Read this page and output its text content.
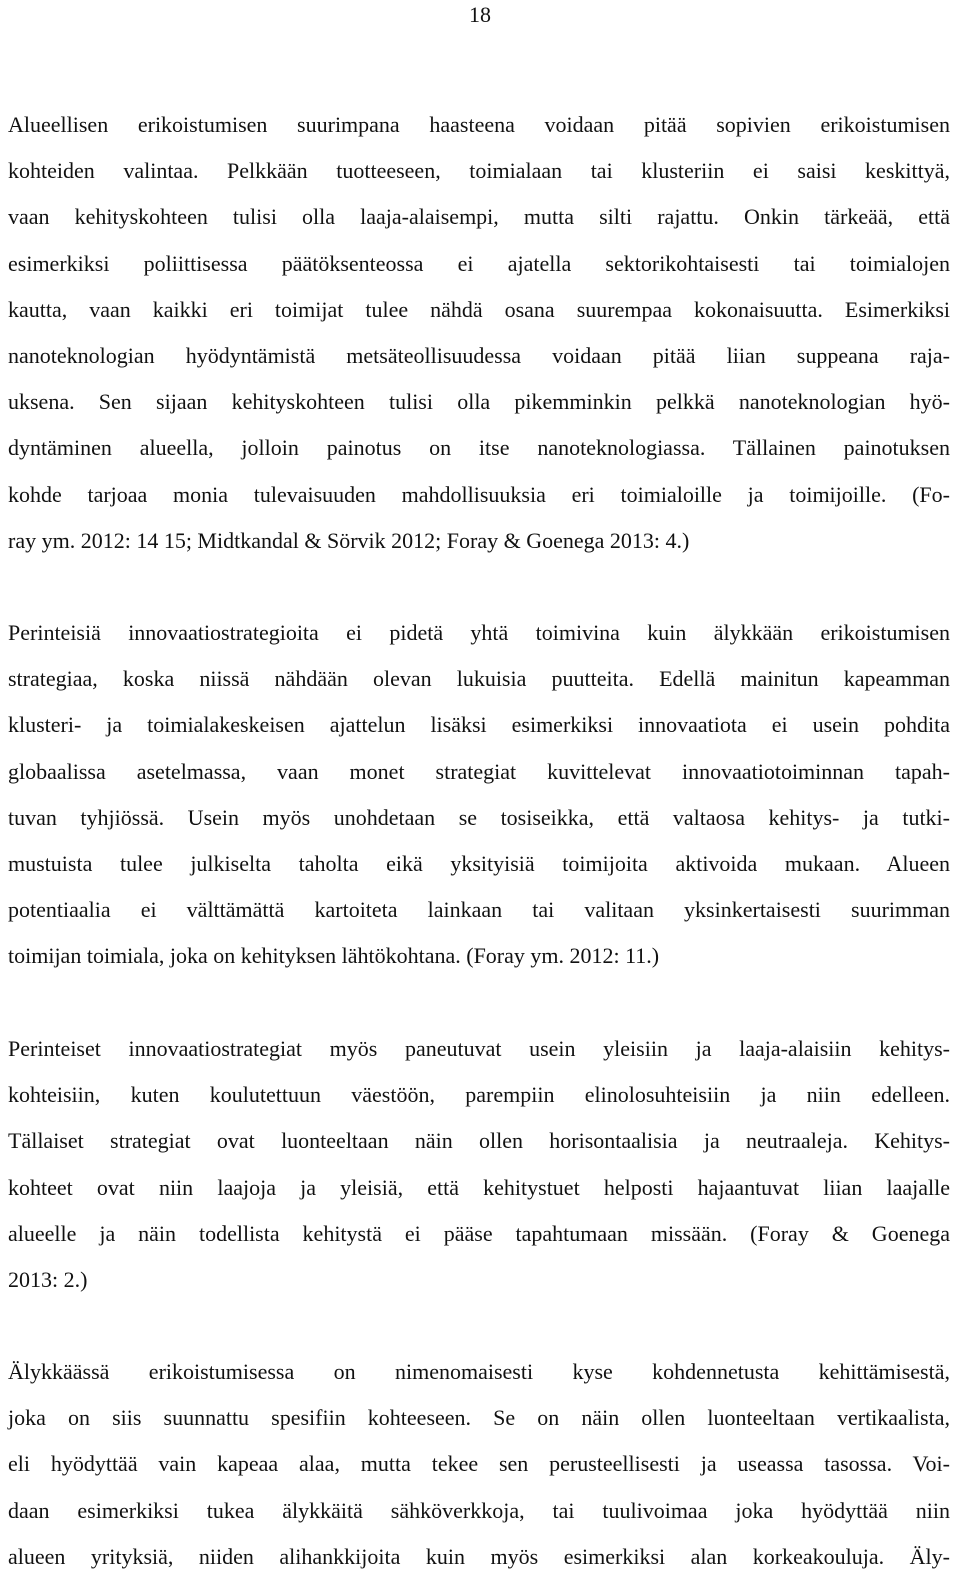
18
Alueellisen erikoistumisen suurimpana haasteena voidaan pitää sopivien erikoistumisen
kohteiden valintaa. Pelkkään tuotteeseen, toimialaan tai klusteriin ei saisi keskittyä,
vaan kehityskohteen tulisi olla laaja-alaisempi, mutta silti rajattu. Onkin tärkeää, että
esimerkiksi poliittisessa päätöksenteossa ei ajatella sektorikohtaisesti tai toimialojen
kautta, vaan kaikki eri toimijat tulee nähdä osana suurempaa kokonaisuutta. Esimerkiksi
nanoteknologian hyödyntämistä metsäteollisuudessa voidaan pitää liian suppeana raja-
uksena. Sen sijaan kehityskohteen tulisi olla pikemminkin pelkkä nanoteknologian hyö-
dyntäminen alueella, jolloin painotus on itse nanoteknologiassa. Tällainen painotuksen
kohde tarjoaa monia tulevaisuuden mahdollisuuksia eri toimialoille ja toimijoille. (Fo-
ray ym. 2012: 14 15; Midtkandal & Sörvik 2012; Foray & Goenega 2013: 4.)
Perinteisiä innovaatiostrategioita ei pidetä yhtä toimivina kuin älykkään erikoistumisen
strategiaa, koska niissä nähdään olevan lukuisia puutteita. Edellä mainitun kapeamman
klusteri- ja toimialakeskeisen ajattelun lisäksi esimerkiksi innovaatiota ei usein pohdita
globaalissa asetelmassa, vaan monet strategiat kuvittelevat innovaatiotoiminnan tapah-
tuvan tyhjiössä. Usein myös unohdetaan se tosiseikka, että valtaosa kehitys- ja tutki-
mustuista tulee julkiselta taholta eikä yksityisiä toimijoita aktivoida mukaan. Alueen
potentiaalia ei välttämättä kartoiteta lainkaan tai valitaan yksinkertaisesti suurimman
toimijan toimiala, joka on kehityksen lähtökohtana. (Foray ym. 2012: 11.)
Perinteiset innovaatiostrategiat myös paneutuvat usein yleisiin ja laaja-alaisiin kehitys-
kohteisiin, kuten koulutettuun väestöön, parempiin elinolosuhteisiin ja niin edelleen.
Tällaiset strategiat ovat luonteeltaan näin ollen horisontaalisia ja neutraaleja. Kehitys-
kohteet ovat niin laajoja ja yleisiä, että kehitystuet helposti hajaantuvat liian laajalle
alueelle ja näin todellista kehitystä ei pääse tapahtumaan missään. (Foray & Goenega
2013: 2.)
Älykkäässä erikoistumisessa on nimenomaisesti kyse kohdennetusta kehittämisestä,
joka on siis suunnattu spesifiin kohteeseen. Se on näin ollen luonteeltaan vertikaalista,
eli hyödyttää vain kapeaa alaa, mutta tekee sen perusteellisesti ja useassa tasossa. Voi-
daan esimerkiksi tukea älykkäitä sähköverkkoja, tai tuulivoimaa joka hyödyttää niin
alueen yrityksiä, niiden alihankkijoita kuin myös esimerkiksi alan korkeakouluja. Äly-
